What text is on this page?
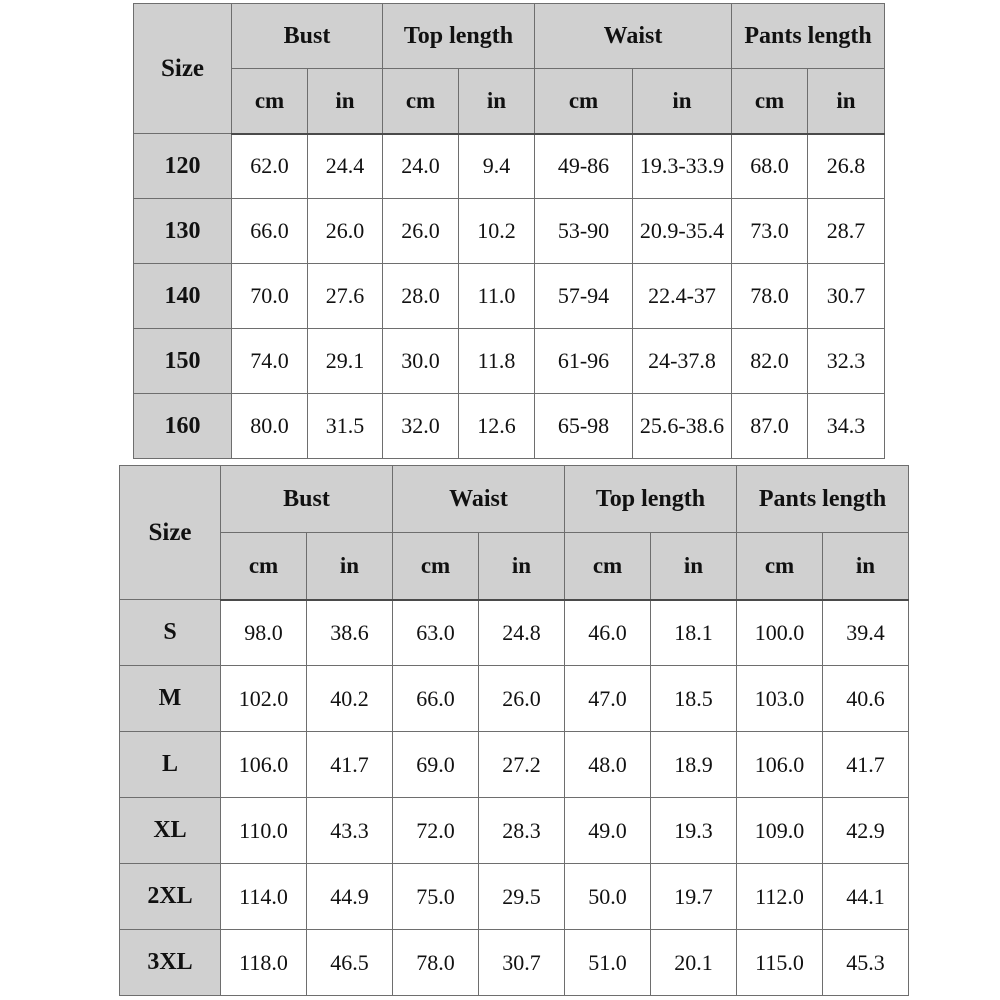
Size	Bust		Top length		Waist		Pants length	
	cm	in	cm	in	cm	in	cm	in
120	62.0	24.4	24.0	9.4	49-86	19.3-33.9	68.0	26.8
130	66.0	26.0	26.0	10.2	53-90	20.9-35.4	73.0	28.7
140	70.0	27.6	28.0	11.0	57-94	22.4-37	78.0	30.7
150	74.0	29.1	30.0	11.8	61-96	24-37.8	82.0	32.3
160	80.0	31.5	32.0	12.6	65-98	25.6-38.6	87.0	34.3
Size	Bust		Waist		Top length		Pants length	
	cm	in	cm	in	cm	in	cm	in
S	98.0	38.6	63.0	24.8	46.0	18.1	100.0	39.4
M	102.0	40.2	66.0	26.0	47.0	18.5	103.0	40.6
L	106.0	41.7	69.0	27.2	48.0	18.9	106.0	41.7
XL	110.0	43.3	72.0	28.3	49.0	19.3	109.0	42.9
2XL	114.0	44.9	75.0	29.5	50.0	19.7	112.0	44.1
3XL	118.0	46.5	78.0	30.7	51.0	20.1	115.0	45.3
